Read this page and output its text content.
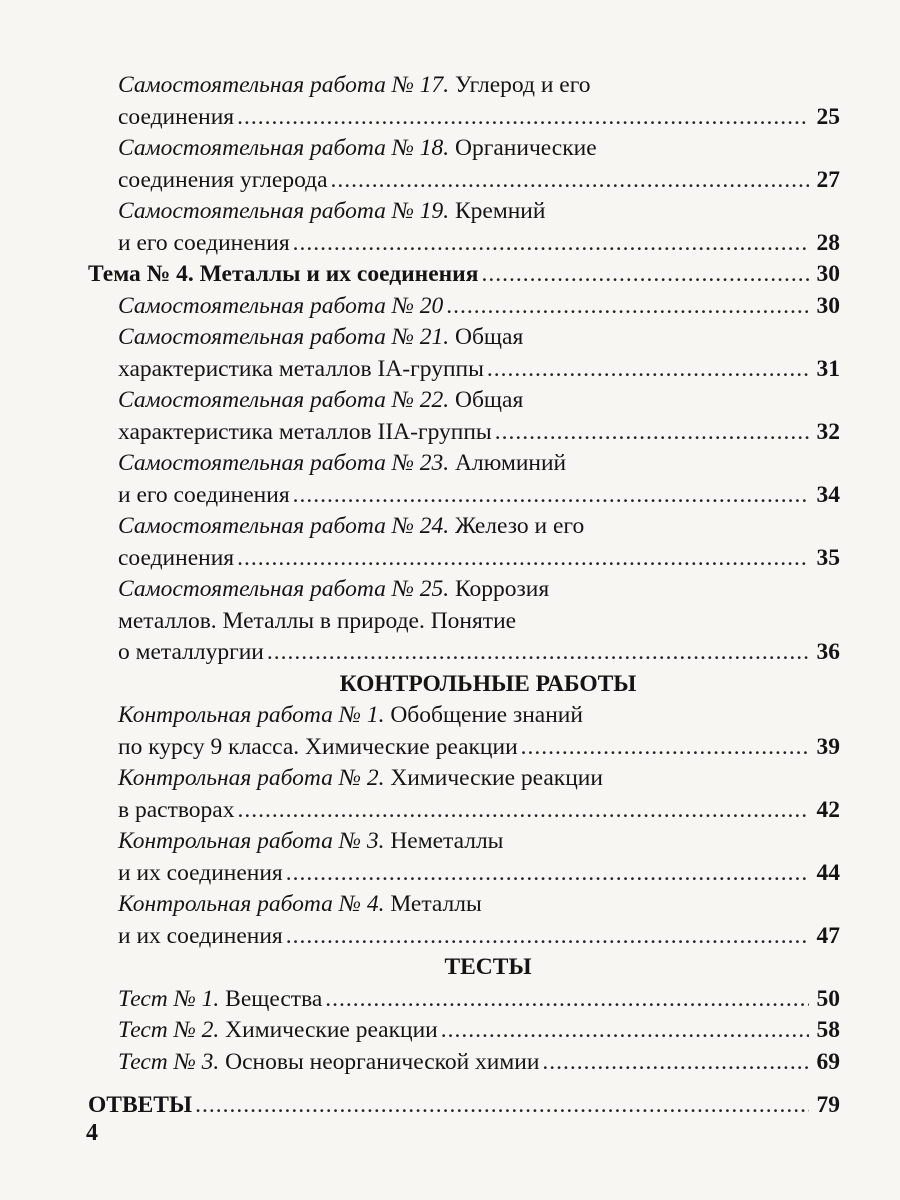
Самостоятельная работа № 17. Углерод и его
соединения .....	25
Самостоятельная работа № 18. Органические
соединения углерода .....	27
Самостоятельная работа № 19. Кремний
и его соединения .....	28
Тема № 4. Металлы и их соединения .....	30
Самостоятельная работа № 20 .....	30
Самостоятельная работа № 21. Общая
характеристика металлов IA-группы .....	31
Самостоятельная работа № 22. Общая
характеристика металлов IIA-группы .....	32
Самостоятельная работа № 23. Алюминий
и его соединения .....	34
Самостоятельная работа № 24. Железо и его
соединения .....	35
Самостоятельная работа № 25. Коррозия
металлов. Металлы в природе. Понятие
о металлургии .....	36
КОНТРОЛЬНЫЕ РАБОТЫ
Контрольная работа № 1. Обобщение знаний
по курсу 9 класса. Химические реакции .....	39
Контрольная работа № 2. Химические реакции
в растворах .....	42
Контрольная работа № 3. Неметаллы
и их соединения .....	44
Контрольная работа № 4. Металлы
и их соединения .....	47
ТЕСТЫ
Тест № 1. Вещества .....	50
Тест № 2. Химические реакции .....	58
Тест № 3. Основы неорганической химии .....	69
ОТВЕТЫ .....	79
4
